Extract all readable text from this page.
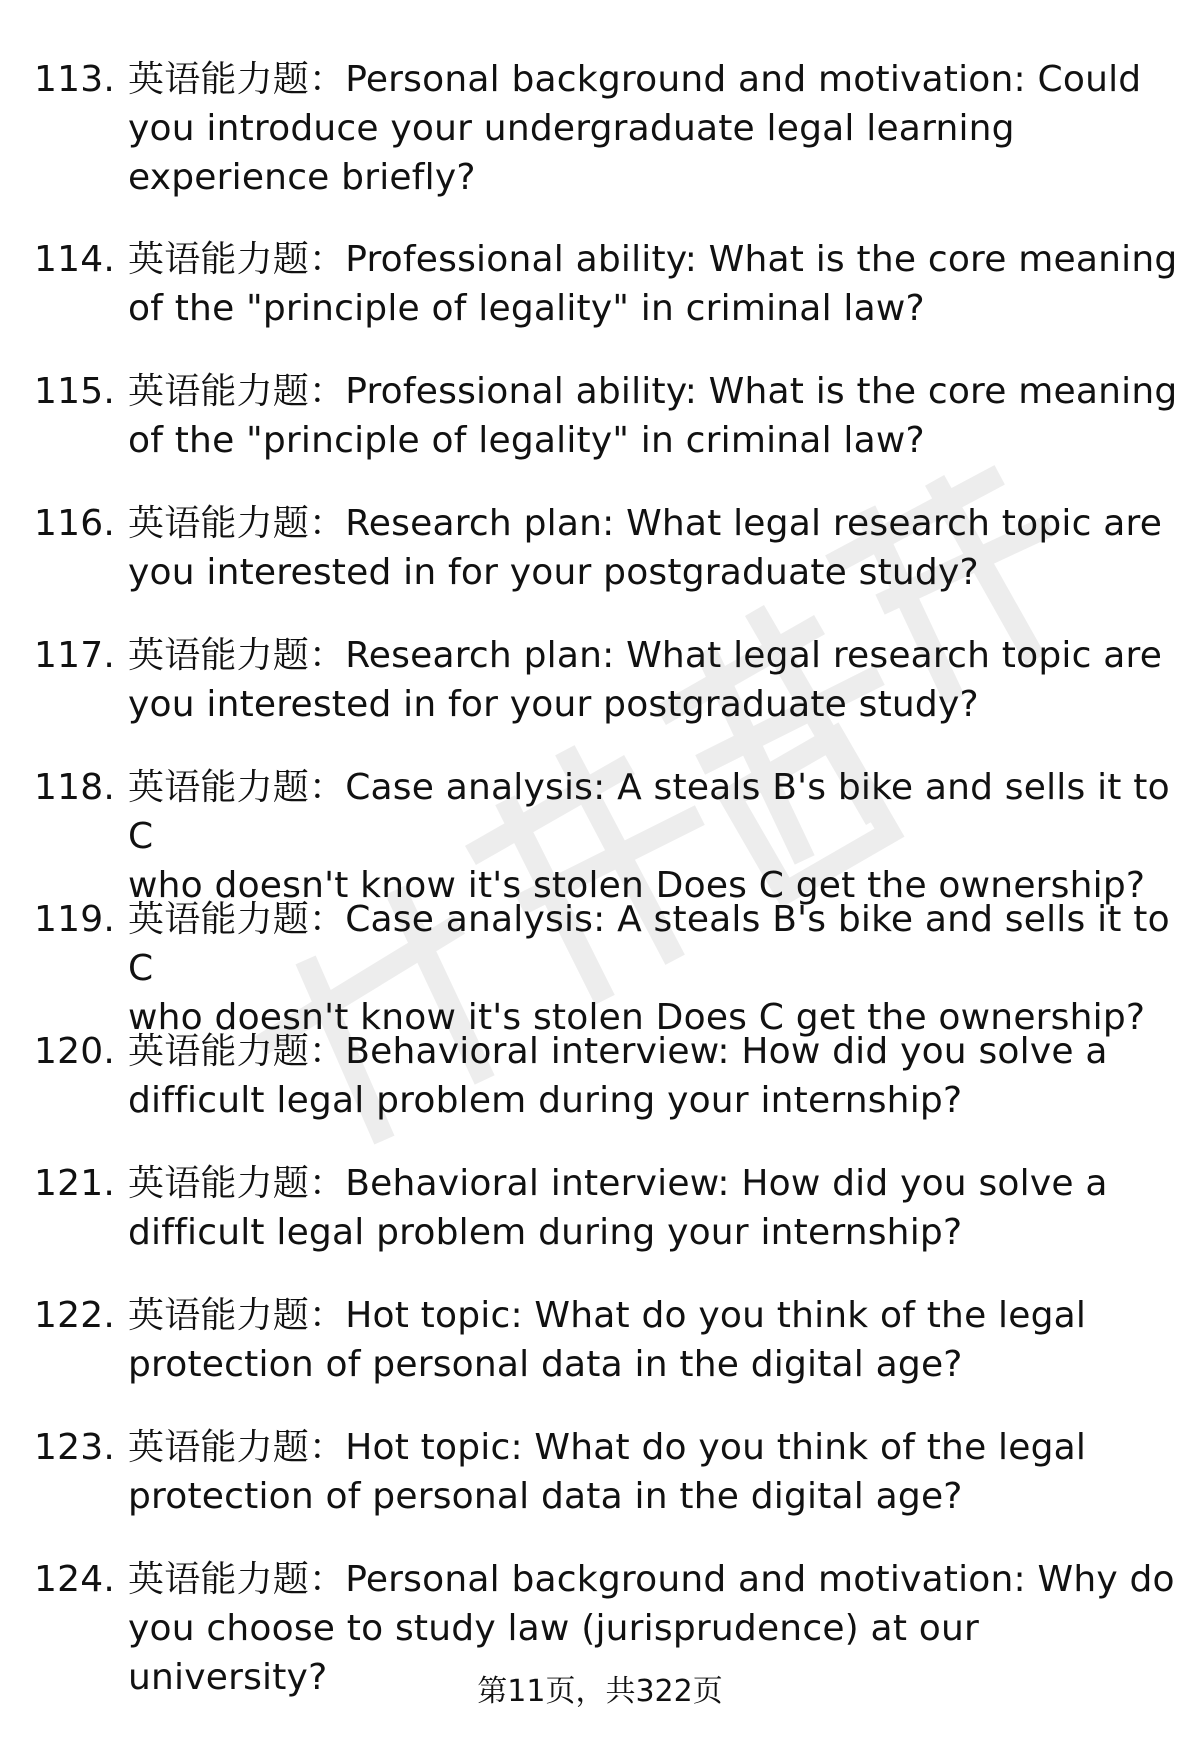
113. 英语能力题：Personal background and motivation: Could
you introduce your undergraduate legal learning
experience briefly?
114. 英语能力题：Professional ability: What is the core meaning
of the "principle of legality" in criminal law?
115. 英语能力题：Professional ability: What is the core meaning
of the "principle of legality" in criminal law?
116. 英语能力题：Research plan: What legal research topic are
you interested in for your postgraduate study?
117. 英语能力题：Research plan: What legal research topic are
you interested in for your postgraduate study?
118. 英语能力题：Case analysis: A steals B's bike and sells it to C
who doesn't know it's stolen Does C get the ownership?
119. 英语能力题：Case analysis: A steals B's bike and sells it to C
who doesn't know it's stolen Does C get the ownership?
120. 英语能力题：Behavioral interview: How did you solve a
difficult legal problem during your internship?
121. 英语能力题：Behavioral interview: How did you solve a
difficult legal problem during your internship?
122. 英语能力题：Hot topic: What do you think of the legal
protection of personal data in the digital age?
123. 英语能力题：Hot topic: What do you think of the legal
protection of personal data in the digital age?
124. 英语能力题：Personal background and motivation: Why do
you choose to study law (jurisprudence) at our university?	第11页，共322页
